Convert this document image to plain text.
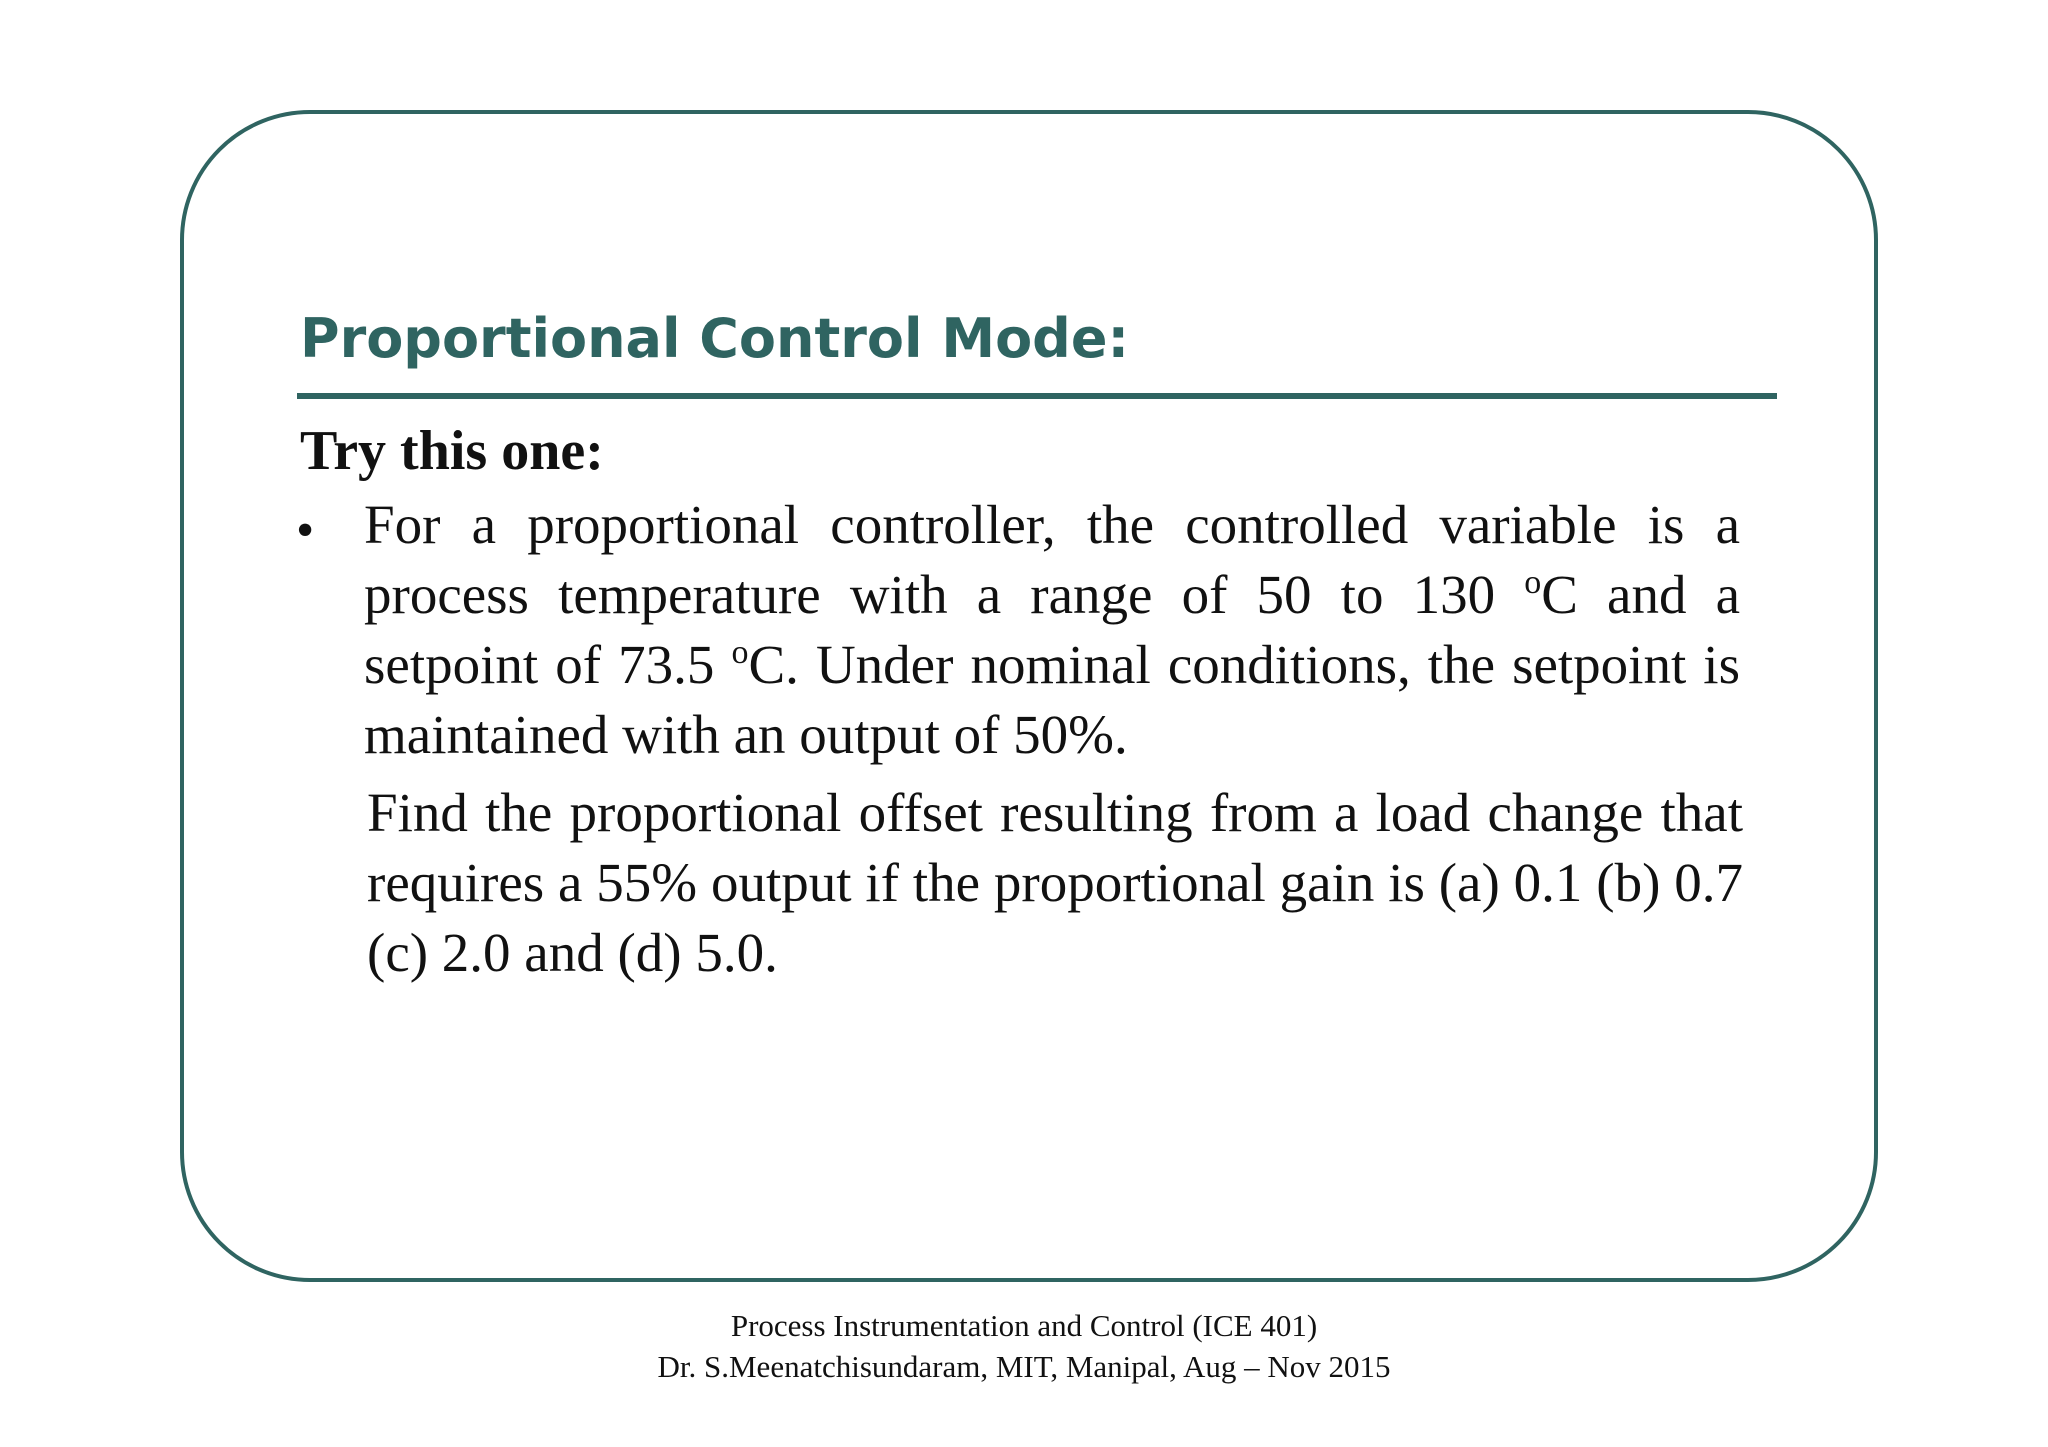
Proportional Control Mode:
Try this one:
• For a proportional controller, the controlled variable is a process temperature with a range of 50 to 130 $^o$C and a setpoint of 73.5 $^o$C. Under nominal conditions, the setpoint is maintained with an output of 50%.

Find the proportional offset resulting from a load change that requires a 55% output if the proportional gain is (a) 0.1 (b) 0.7 (c) 2.0 and (d) 5.0.

Process Instrumentation and Control (ICE 401)
Dr. S.Meenatchisundaram, MIT, Manipal, Aug – Nov 2015
